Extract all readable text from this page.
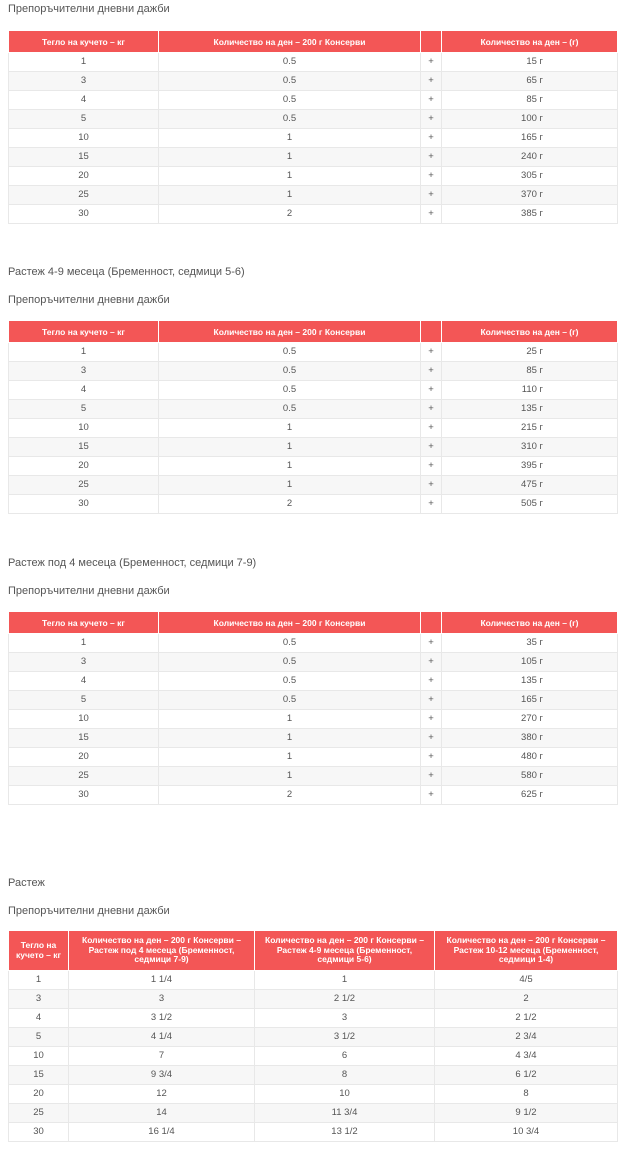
Препоръчителни дневни дажби
Тегло на кучето – кг	Количество на ден – 200 г Консерви		Количество на ден – (г)
1	0.5	+	15 г
3	0.5	+	65 г
4	0.5	+	85 г
5	0.5	+	100 г
10	1	+	165 г
15	1	+	240 г
20	1	+	305 г
25	1	+	370 г
30	2	+	385 г
Растеж 4-9 месеца (Бременност, седмици 5-6)
Препоръчителни дневни дажби
Тегло на кучето – кг	Количество на ден – 200 г Консерви		Количество на ден – (г)
1	0.5	+	25 г
3	0.5	+	85 г
4	0.5	+	110 г
5	0.5	+	135 г
10	1	+	215 г
15	1	+	310 г
20	1	+	395 г
25	1	+	475 г
30	2	+	505 г
Растеж под 4 месеца (Бременност, седмици 7-9)
Препоръчителни дневни дажби
Тегло на кучето – кг	Количество на ден – 200 г Консерви		Количество на ден – (г)
1	0.5	+	35 г
3	0.5	+	105 г
4	0.5	+	135 г
5	0.5	+	165 г
10	1	+	270 г
15	1	+	380 г
20	1	+	480 г
25	1	+	580 г
30	2	+	625 г
Растеж
Препоръчителни дневни дажби
Тегло на кучето – кг	Количество на ден – 200 г Консерви – Растеж под 4 месеца (Бременност, седмици 7-9)	Количество на ден – 200 г Консерви – Растеж 4-9 месеца (Бременност, седмици 5-6)	Количество на ден – 200 г Консерви – Растеж 10-12 месеца (Бременност, седмици 1-4)
1	1 1/4	1	4/5
3	3	2 1/2	2
4	3 1/2	3	2 1/2
5	4 1/4	3 1/2	2 3/4
10	7	6	4 3/4
15	9 3/4	8	6 1/2
20	12	10	8
25	14	11 3/4	9 1/2
30	16 1/4	13 1/2	10 3/4
